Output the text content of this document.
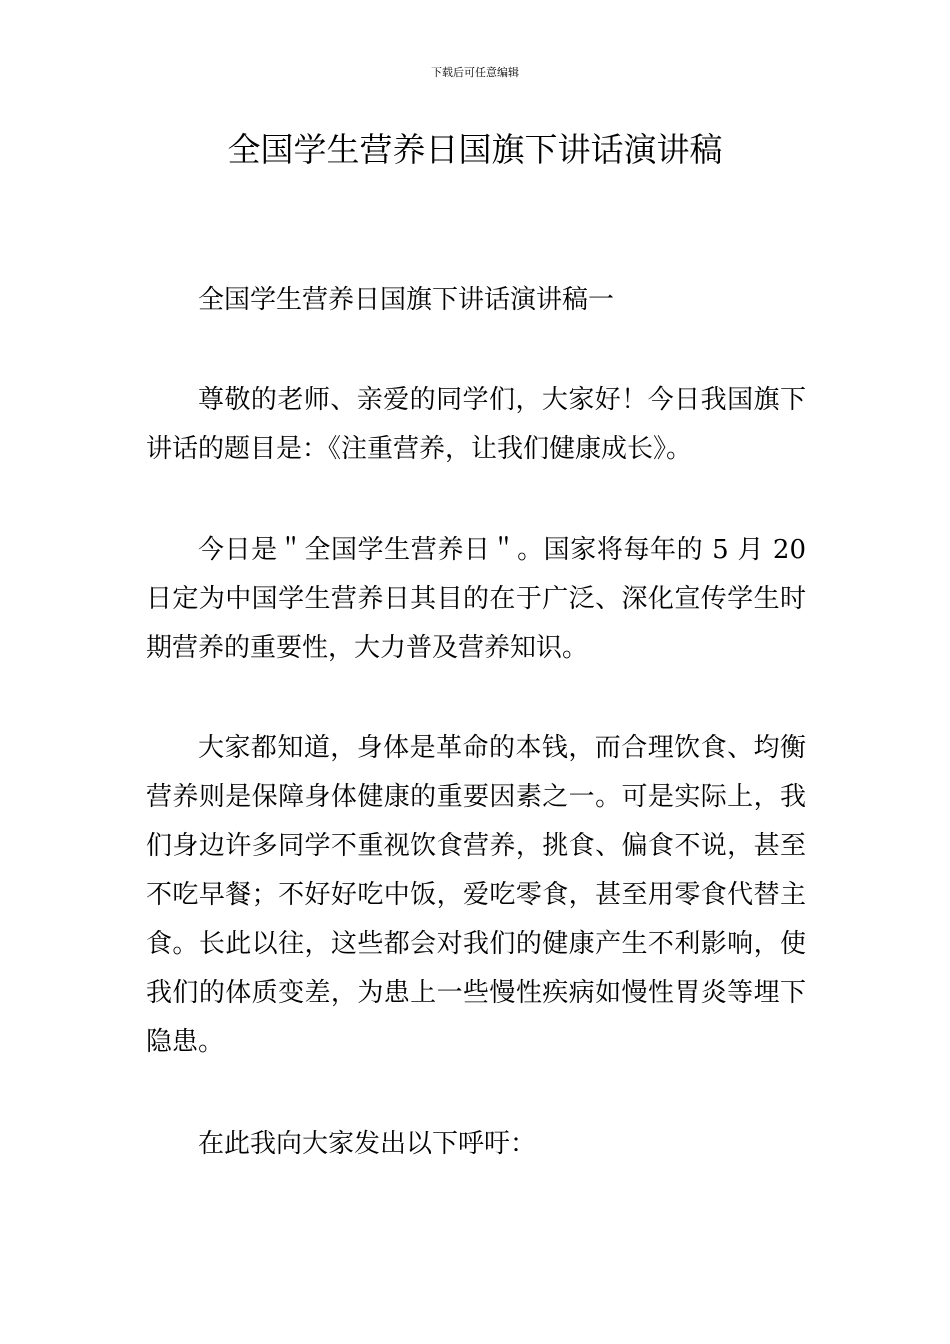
下载后可任意编辑
全国学生营养日国旗下讲话演讲稿

全国学生营养日国旗下讲话演讲稿一

尊敬的老师、亲爱的同学们，大家好！今日我国旗下讲话的题目是：《注重营养，让我们健康成长》。

今日是＂全国学生营养日＂。国家将每年的 5 月 20 日定为中国学生营养日其目的在于广泛、深化宣传学生时期营养的重要性，大力普及营养知识。

大家都知道，身体是革命的本钱，而合理饮食、均衡营养则是保障身体健康的重要因素之一。可是实际上，我们身边许多同学不重视饮食营养，挑食、偏食不说，甚至不吃早餐；不好好吃中饭，爱吃零食，甚至用零食代替主食。长此以往，这些都会对我们的健康产生不利影响，使我们的体质变差，为患上一些慢性疾病如慢性胃炎等埋下隐患。

在此我向大家发出以下呼吁：
